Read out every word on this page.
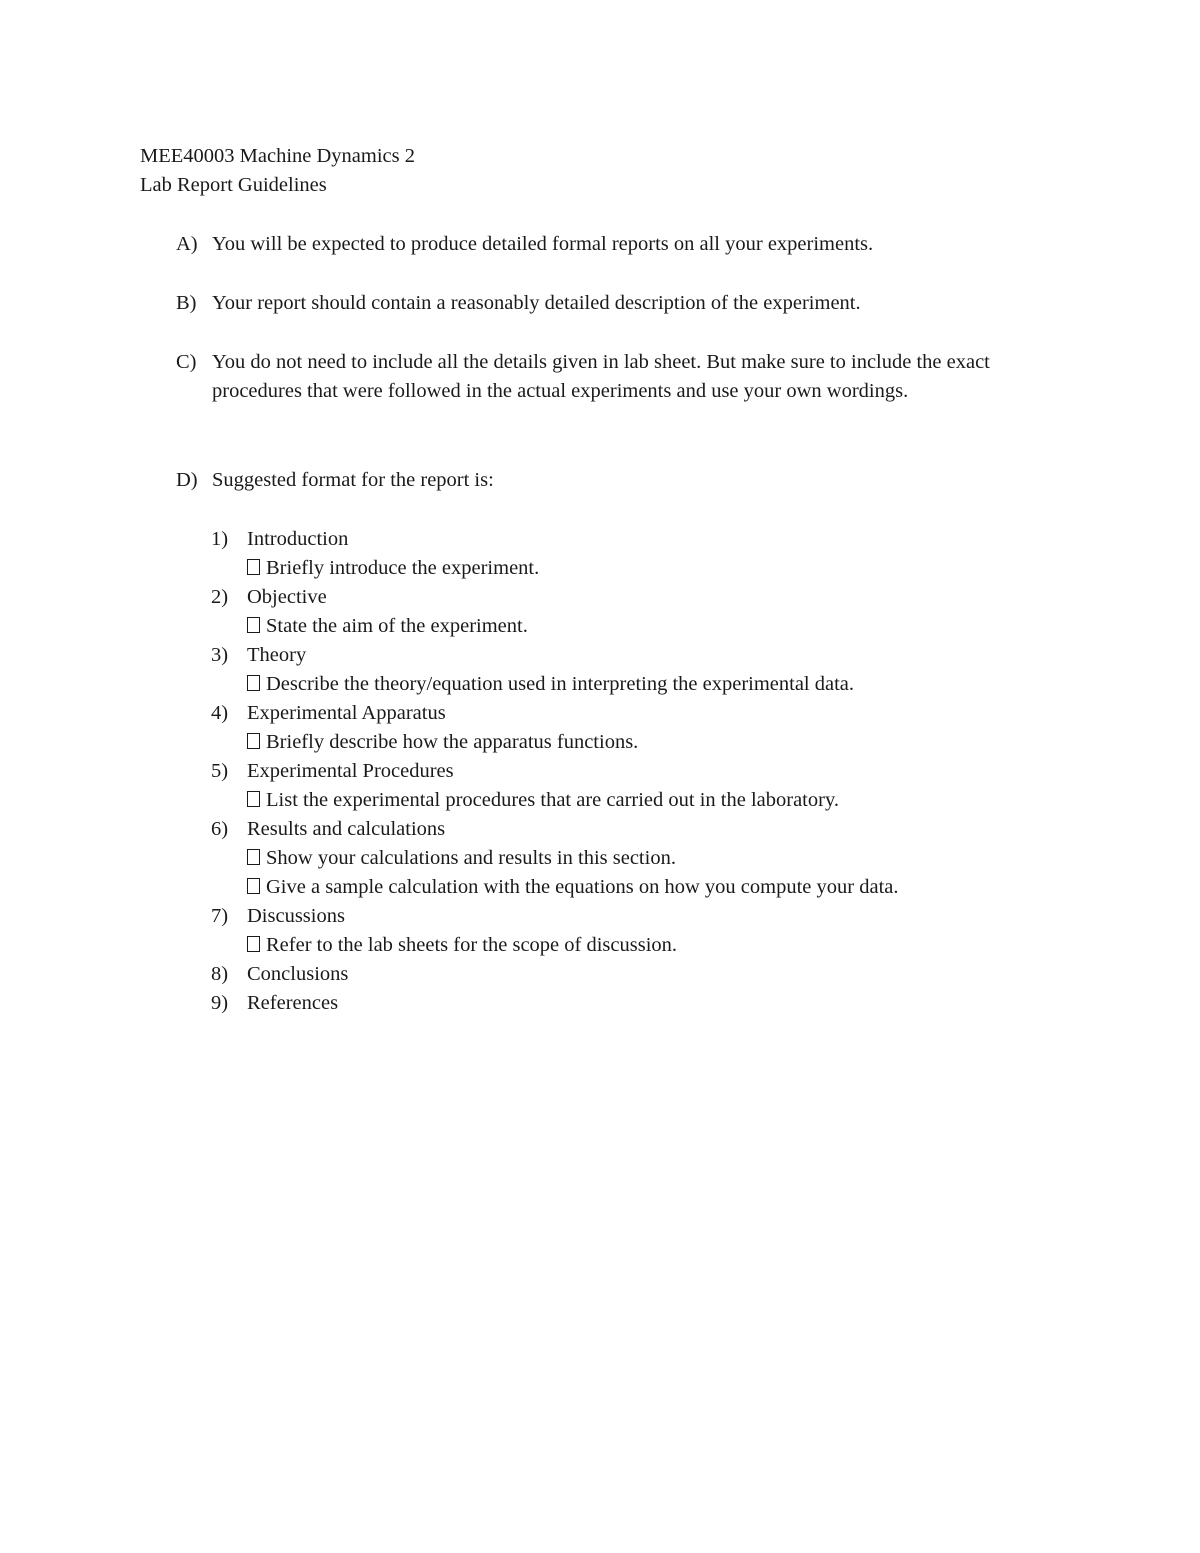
MEE40003 Machine Dynamics 2
Lab Report Guidelines
A) You will be expected to produce detailed formal reports on all your experiments.
B) Your report should contain a reasonably detailed description of the experiment.
C) You do not need to include all the details given in lab sheet. But make sure to include the exact procedures that were followed in the actual experiments and use your own wordings.
D) Suggested format for the report is:
1) Introduction
Briefly introduce the experiment.
2) Objective
State the aim of the experiment.
3) Theory
Describe the theory/equation used in interpreting the experimental data.
4) Experimental Apparatus
Briefly describe how the apparatus functions.
5) Experimental Procedures
List the experimental procedures that are carried out in the laboratory.
6) Results and calculations
Show your calculations and results in this section.
Give a sample calculation with the equations on how you compute your data.
7) Discussions
Refer to the lab sheets for the scope of discussion.
8) Conclusions
9) References
